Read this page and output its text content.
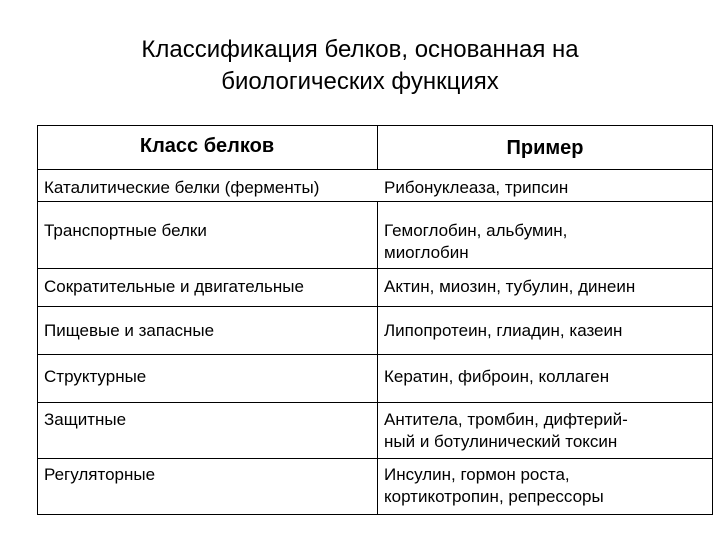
Классификация белков, основанная на
биологических функциях
Класс белков	Пример
Каталитические белки (ферменты)	Рибонуклеаза, трипсин
Транспортные белки	Гемоглобин, альбумин,
миоглобин
Сократительные и двигательные	Актин, миозин, тубулин, динеин
Пищевые и запасные	Липопротеин, глиадин, казеин
Структурные	Кератин, фиброин, коллаген
Защитные	Антитела, тромбин, дифтерий-
ный и ботулинический токсин
Регуляторные	Инсулин, гормон роста,
кортикотропин, репрессоры
